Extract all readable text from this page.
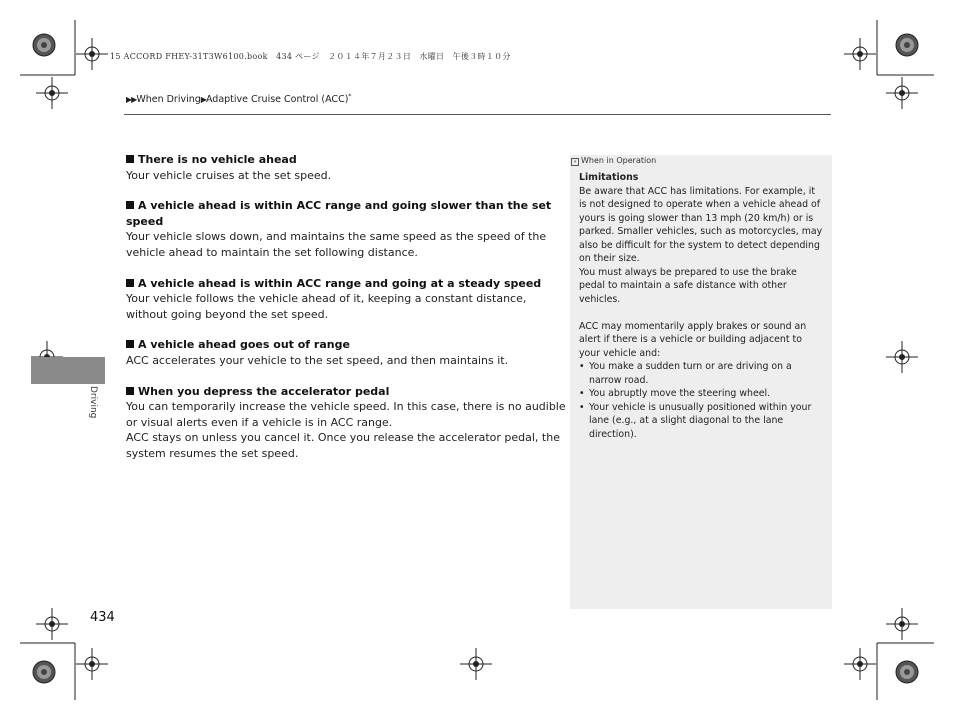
15 ACCORD FHEY-31T3W6100.book　434 ページ　２０１４年７月２３日　水曜日　午後３時１０分
▶▶When Driving▶Adaptive Cruise Control (ACC)*
There is no vehicle ahead

Your vehicle cruises at the set speed.

A vehicle ahead is within ACC range and going slower than the set speed

Your vehicle slows down, and maintains the same speed as the speed of the vehicle ahead to maintain the set following distance.

A vehicle ahead is within ACC range and going at a steady speed

Your vehicle follows the vehicle ahead of it, keeping a constant distance, without going beyond the set speed.

A vehicle ahead goes out of range

ACC accelerates your vehicle to the set speed, and then maintains it.

When you depress the accelerator pedal

You can temporarily increase the vehicle speed. In this case, there is no audible or visual alerts even if a vehicle is in ACC range.

ACC stays on unless you cancel it. Once you release the accelerator pedal, the system resumes the set speed.

» When in Operation
Limitations

Be aware that ACC has limitations. For example, it is not designed to operate when a vehicle ahead of yours is going slower than 13 mph (20 km/h) or is parked. Smaller vehicles, such as motorcycles, may also be difficult for the system to detect depending on their size.

You must always be prepared to use the brake pedal to maintain a safe distance with other vehicles.

ACC may momentarily apply brakes or sound an alert if there is a vehicle or building adjacent to your vehicle and:

• You make a sudden turn or are driving on a narrow road.
• You abruptly move the steering wheel.
• Your vehicle is unusually positioned within your lane (e.g., at a slight diagonal to the lane direction).
Driving
434
